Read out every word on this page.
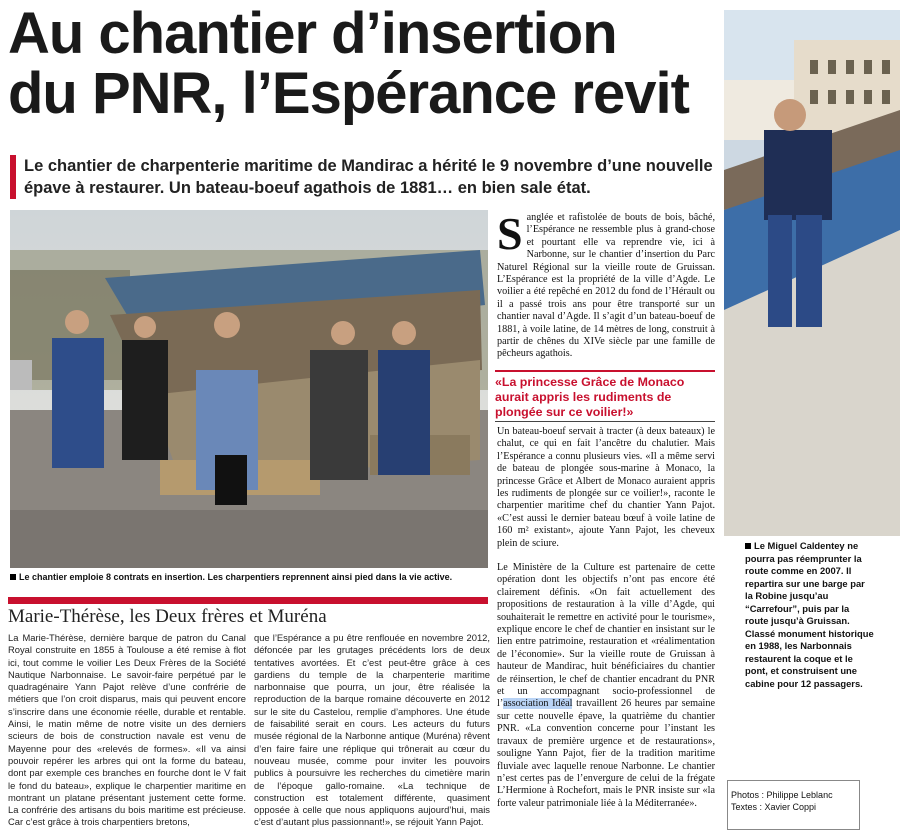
Au chantier d’insertion
du PNR, l’Espérance revit
Le chantier de charpenterie maritime de Mandirac a hérité le 9 novembre d’une nouvelle épave à restaurer. Un bateau-boeuf agathois de 1881… en bien sale état.
Le chantier emploie 8 contrats en insertion. Les charpentiers reprennent ainsi pied dans la vie active.
Le Miguel Caldentey ne pourra pas réemprunter la route comme en 2007. Il repartira sur une barge par la Robine jusqu’au “Carrefour”, puis par la route jusqu’à Gruissan. Classé monument historique en 1988, les Narbonnais restaurent la coque et le pont, et construisent une cabine pour 12 passagers.
Marie-Thérèse, les Deux frères et Muréna
La Marie-Thérèse, dernière barque de patron du Canal Royal construite en 1855 à Toulouse a été remise à flot ici, tout comme le voilier Les Deux Frères de la Société Nautique Narbonnaise. Le savoir-faire perpétué par le quadragénaire Yann Pajot relève d’une confrérie de métiers que l’on croit disparus, mais qui peuvent encore s’inscrire dans une économie réelle, durable et rentable. Ainsi, le matin même de notre visite un des derniers scieurs de bois de construction navale est venu de Mayenne pour des «relevés de formes». «Il va ainsi pouvoir repérer les arbres qui ont la forme du bateau, dont par exemple ces branches en fourche dont le V fait le fond du bateau», explique le charpentier maritime en montrant un platane présentant justement cette forme. La confrérie des artisans du bois maritime est précieuse. Car c’est grâce à trois charpentiers bretons,
que l’Espérance a pu être renflouée en novembre 2012, défoncée par les grutages précédents lors de deux tentatives avortées. Et c’est peut-être grâce à ces gardiens du temple de la charpenterie maritime narbonnaise que pourra, un jour, être réalisée la reproduction de la barque romaine découverte en 2012 sur le site du Castelou, remplie d’amphores. Une étude de faisabilité serait en cours. Les acteurs du futurs musée régional de la Narbonne antique (Muréna) rêvent d’en faire faire une réplique qui trônerait au cœur du nouveau musée, comme pour inviter les pouvoirs publics à poursuivre les recherches du cimetière marin de l’époque gallo-romaine. «La technique de construction est totalement différente, quasiment opposée à celle que nous appliquons aujourd’hui, mais c’est d’autant plus passionnant!», se réjouit Yann Pajot.
Sanglée et rafistolée de bouts de bois, bâché, l’Espérance ne ressemble plus à grand-chose et pourtant elle va reprendre vie, ici à Narbonne, sur le chantier d’insertion du Parc Naturel Régional sur la vieille route de Gruissan. L’Espérance est la propriété de la ville d’Agde. Le voilier a été repêché en 2012 du fond de l’Hérault ou il a passé trois ans pour être transporté sur un chantier naval d’Agde. Il s’agit d’un bateau-boeuf de 1881, à voile latine, de 14 mètres de long, construit à partir de chênes du XIVe siècle par une famille de pêcheurs agathois.
«La princesse Grâce de Monaco aurait appris les rudiments de plongée sur ce voilier!»
Un bateau-boeuf servait à tracter (à deux bateaux) le chalut, ce qui en fait l’ancêtre du chalutier. Mais l’Espérance a connu plusieurs vies. «Il a même servi de bateau de plongée sous-marine à Monaco, la princesse Grâce et Albert de Monaco auraient appris les rudiments de plongée sur ce voilier!», raconte le charpentier maritime chef du chantier Yann Pajot. «C’est aussi le dernier bateau bœuf à voile latine de 160 m² existant», ajoute Yann Pajot, les cheveux plein de sciure.
Le Ministère de la Culture est partenaire de cette opération dont les objectifs n’ont pas encore été clairement définis. «On fait actuellement des propositions de restauration à la ville d’Agde, qui souhaiterait le remettre en activité pour le tourisme», explique encore le chef de chantier en insistant sur le lien entre patrimoine, restauration et «réalimentation de l’économie». Sur la vieille route de Gruissan à hauteur de Mandirac, huit bénéficiaires du chantier de réinsertion, le chef de chantier encadrant du PNR et un accompagnant socio-professionnel de l’association Idéal travaillent 26 heures par semaine sur cette nouvelle épave, la quatrième du chantier PNR. «La convention concerne pour l’instant les travaux de première urgence et de restaurations», souligne Yann Pajot, fier de la tradition maritime fluviale avec laquelle renoue Narbonne. Le chantier n’est certes pas de l’envergure de celui de la frégate L’Hermione à Rochefort, mais le PNR insiste sur «la forte valeur patrimoniale liée à la Méditerranée».
Photos : Philippe Leblanc
Textes : Xavier Coppi
